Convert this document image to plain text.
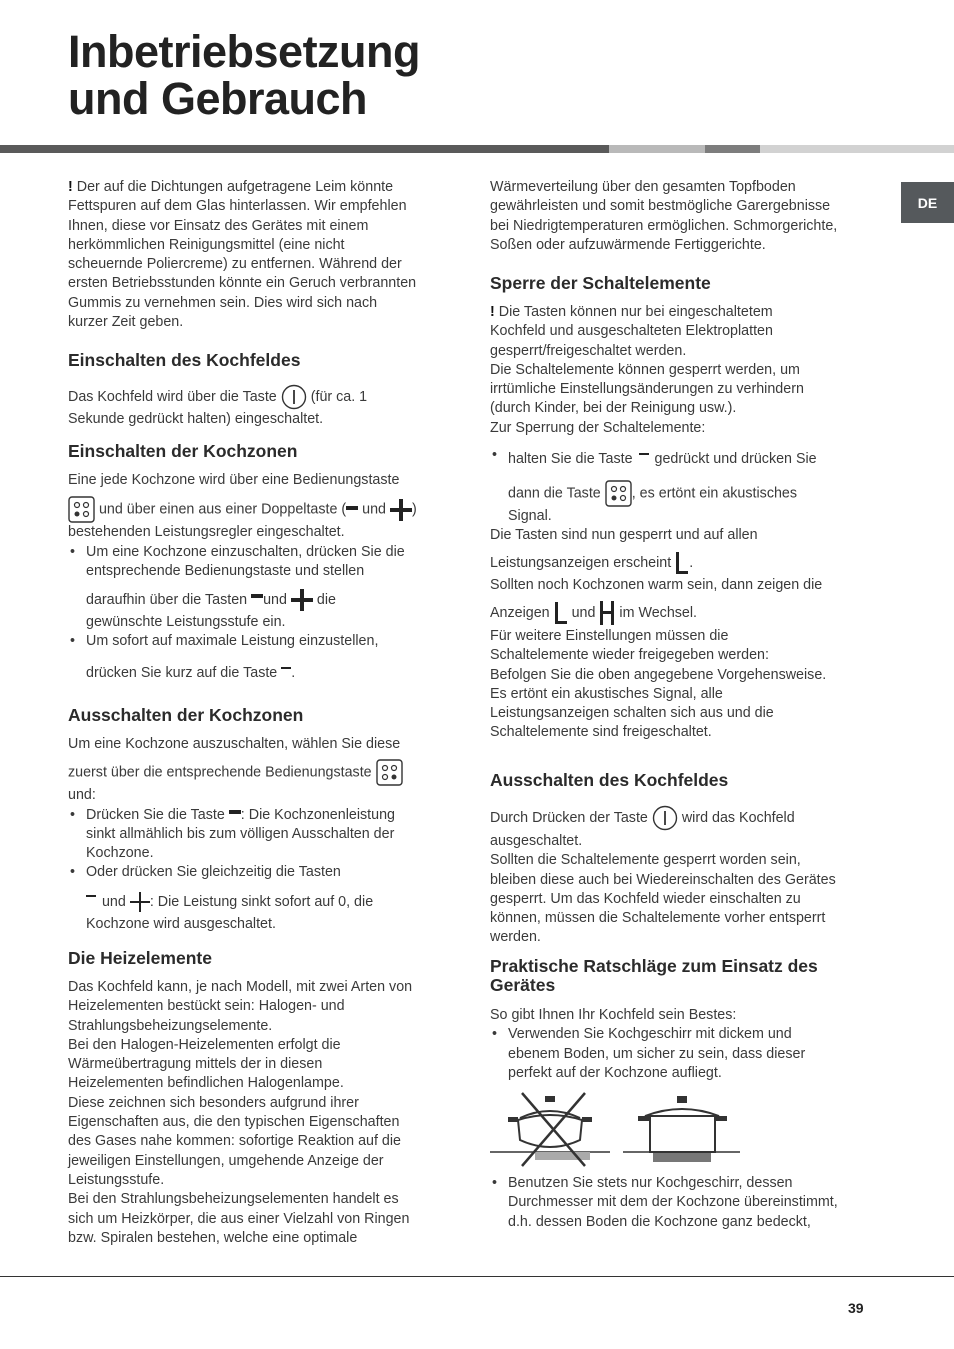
Inbetriebsetzung
und Gebrauch
DE

! Der auf die Dichtungen aufgetragene Leim könnte

Fettspuren auf dem Glas hinterlassen. Wir empfehlen

Ihnen, diese vor Einsatz des Gerätes mit einem

herkömmlichen Reinigungsmittel (eine nicht

scheuernde Poliercreme) zu entfernen. Während der

ersten Betriebsstunden könnte ein Geruch verbrannten

Gummis zu vernehmen sein. Dies wird sich nach

kurzer Zeit geben.

Einschalten des Kochfeldes

Das Kochfeld wird über die Taste (für ca. 1

Sekunde gedrückt halten) eingeschaltet.

Einschalten der Kochzonen

Eine jede Kochzone wird über eine Bedienungstaste

und über einen aus einer Doppeltaste ( und )

bestehenden Leistungsregler eingeschaltet.

• Um eine Kochzone einzuschalten, drücken Sie die

entsprechende Bedienungstaste und stellen

daraufhin über die Tasten und die

gewünschte Leistungsstufe ein.

• Um sofort auf maximale Leistung einzustellen,

drücken Sie kurz auf die Taste .

Ausschalten der Kochzonen

Um eine Kochzone auszuschalten, wählen Sie diese

zuerst über die entsprechende Bedienungstaste

und:

• Drücken Sie die Taste : Die Kochzonenleistung

sinkt allmählich bis zum völligen Ausschalten der

Kochzone.

• Oder drücken Sie gleichzeitig die Tasten

und : Die Leistung sinkt sofort auf 0, die

Kochzone wird ausgeschaltet.

Die Heizelemente

Das Kochfeld kann, je nach Modell, mit zwei Arten von

Heizelementen bestückt sein: Halogen- und

Strahlungsbeheizungselemente.

Bei den Halogen-Heizelementen erfolgt die

Wärmeübertragung mittels der in diesen

Heizelementen befindlichen Halogenlampe.

Diese zeichnen sich besonders aufgrund ihrer

Eigenschaften aus, die den typischen Eigenschaften

des Gases nahe kommen: sofortige Reaktion auf die

jeweiligen Einstellungen, umgehende Anzeige der

Leistungsstufe.

Bei den Strahlungsbeheizungselementen handelt es

sich um Heizkörper, die aus einer Vielzahl von Ringen

bzw. Spiralen bestehen, welche eine optimale

Wärmeverteilung über den gesamten Topfboden

gewährleisten und somit bestmögliche Garergebnisse

bei Niedrigtemperaturen ermöglichen. Schmorgerichte,

Soßen oder aufzuwärmende Fertiggerichte.

Sperre der Schaltelemente

! Die Tasten können nur bei eingeschaltetem

Kochfeld und ausgeschalteten Elektroplatten

gesperrt/freigeschaltet werden.

Die Schaltelemente können gesperrt werden, um

irrtümliche Einstellungsänderungen zu verhindern

(durch Kinder, bei der Reinigung usw.).

Zur Sperrung der Schaltelemente:

• halten Sie die Taste gedrückt und drücken Sie

dann die Taste , es ertönt ein akustisches

Signal.

Die Tasten sind nun gesperrt und auf allen

Leistungsanzeigen erscheint .

Sollten noch Kochzonen warm sein, dann zeigen die

Anzeigen und im Wechsel.

Für weitere Einstellungen müssen die

Schaltelemente wieder freigegeben werden:

Befolgen Sie die oben angegebene Vorgehensweise.

Es ertönt ein akustisches Signal, alle

Leistungsanzeigen schalten sich aus und die

Schaltelemente sind freigeschaltet.

Ausschalten des Kochfeldes

Durch Drücken der Taste wird das Kochfeld

ausgeschaltet.

Sollten die Schaltelemente gesperrt worden sein,

bleiben diese auch bei Wiedereinschalten des Gerätes

gesperrt. Um das Kochfeld wieder einschalten zu

können, müssen die Schaltelemente vorher entsperrt

werden.

Praktische Ratschläge zum Einsatz des
Gerätes

So gibt Ihnen Ihr Kochfeld sein Bestes:

• Verwenden Sie Kochgeschirr mit dickem und

ebenem Boden, um sicher zu sein, dass dieser

perfekt auf der Kochzone aufliegt.

• Benutzen Sie stets nur Kochgeschirr, dessen

Durchmesser mit dem der Kochzone übereinstimmt,

d.h. dessen Boden die Kochzone ganz bedeckt,

39
